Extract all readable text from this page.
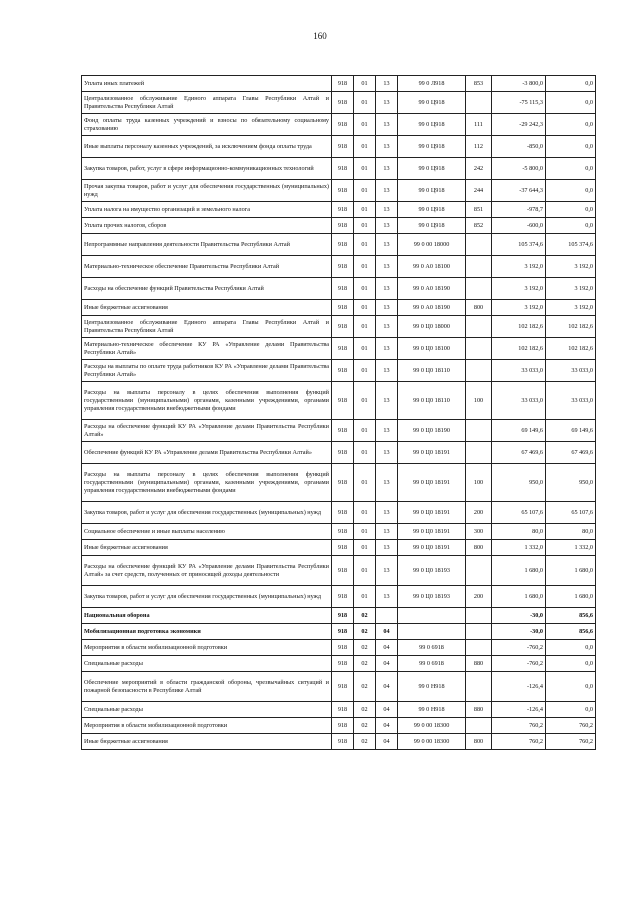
160
Уплата иных платежей	918	01	13	99 0 Л918	853	-3 800,0	0,0
Централизованное обслуживание Единого аппарата Главы Республики Алтай и Правительства Республики Алтай	918	01	13	99 0 Ц918		-75 115,3	0,0
Фонд оплаты труда казенных учреждений и взносы по обязательному социальному страхованию	918	01	13	99 0 Ц918	111	-29 242,3	0,0
Иные выплаты персоналу казенных учреждений, за исключением фонда оплаты труда	918	01	13	99 0 Ц918	112	-850,0	0,0
Закупка товаров, работ, услуг в сфере информационно-коммуникационных технологий	918	01	13	99 0 Ц918	242	-5 800,0	0,0
Прочая закупка товаров, работ и услуг для обеспечения государственных (муниципальных) нужд	918	01	13	99 0 Ц918	244	-37 644,3	0,0
Уплата налога на имущество организаций и земельного налога	918	01	13	99 0 Ц918	851	-978,7	0,0
Уплата прочих налогов, сборов	918	01	13	99 0 Ц918	852	-600,0	0,0
Непрограммные направления деятельности Правительства Республики Алтай	918	01	13	99 0 00 18000		105 374,6	105 374,6
Материально-техническое обеспечение Правительства Республики Алтай	918	01	13	99 0 А0 18100		3 192,0	3 192,0
Расходы на обеспечение функций Правительства Республики Алтай	918	01	13	99 0 А0 18190		3 192,0	3 192,0
Иные бюджетные ассигнования	918	01	13	99 0 А0 18190	800	3 192,0	3 192,0
Централизованное обслуживание Единого аппарата Главы Республики Алтай и Правительства Республики Алтай	918	01	13	99 0 Ц0 18000		102 182,6	102 182,6
Материально-техническое обеспечение КУ РА «Управление делами Правительства Республики Алтай»	918	01	13	99 0 Ц0 18100		102 182,6	102 182,6
Расходы на выплаты по оплате труда работников КУ РА «Управление делами Правительства Республики Алтай»	918	01	13	99 0 Ц0 18110		33 033,0	33 033,0
Расходы на выплаты персоналу в целях обеспечения выполнения функций государственными (муниципальными) органами, казенными учреждениями, органами управления государственными внебюджетными фондами	918	01	13	99 0 Ц0 18110	100	33 033,0	33 033,0
Расходы на обеспечение функций КУ РА «Управление делами Правительства Республики Алтай»	918	01	13	99 0 Ц0 18190		69 149,6	69 149,6
Обеспечение функций КУ РА «Управление делами Правительства Республики Алтай»	918	01	13	99 0 Ц0 18191		67 469,6	67 469,6
Расходы на выплаты персоналу в целях обеспечения выполнения функций государственными (муниципальными) органами, казенными учреждениями, органами управления государственными внебюджетными фондами	918	01	13	99 0 Ц0 18191	100	950,0	950,0
Закупка товаров, работ и услуг для обеспечения государственных (муниципальных) нужд	918	01	13	99 0 Ц0 18191	200	65 107,6	65 107,6
Социальное обеспечение и иные выплаты населению	918	01	13	99 0 Ц0 18191	300	80,0	80,0
Иные бюджетные ассигнования	918	01	13	99 0 Ц0 18191	800	1 332,0	1 332,0
Расходы на обеспечение функций КУ РА «Управление делами Правительства Республики Алтай» за счет средств, полученных от приносящей доходы деятельности	918	01	13	99 0 Ц0 18193		1 680,0	1 680,0
Закупка товаров, работ и услуг для обеспечения государственных (муниципальных) нужд	918	01	13	99 0 Ц0 18193	200	1 680,0	1 680,0
Национальная оборона	918	02				-30,0	856,6
Мобилизационная подготовка экономики	918	02	04			-30,0	856,6
Мероприятия в области мобилизационной подготовки	918	02	04	99 0 6918		-760,2	0,0
Специальные расходы	918	02	04	99 0 6918	880	-760,2	0,0
Обеспечение мероприятий в области гражданской обороны, чрезвычайных ситуаций и пожарной безопасности в Республике Алтай	918	02	04	99 0 Н918		-126,4	0,0
Специальные расходы	918	02	04	99 0 Н918	880	-126,4	0,0
Мероприятия в области мобилизационной подготовки	918	02	04	99 0 00 18300		760,2	760,2
Иные бюджетные ассигнования	918	02	04	99 0 00 18300	800	760,2	760,2
